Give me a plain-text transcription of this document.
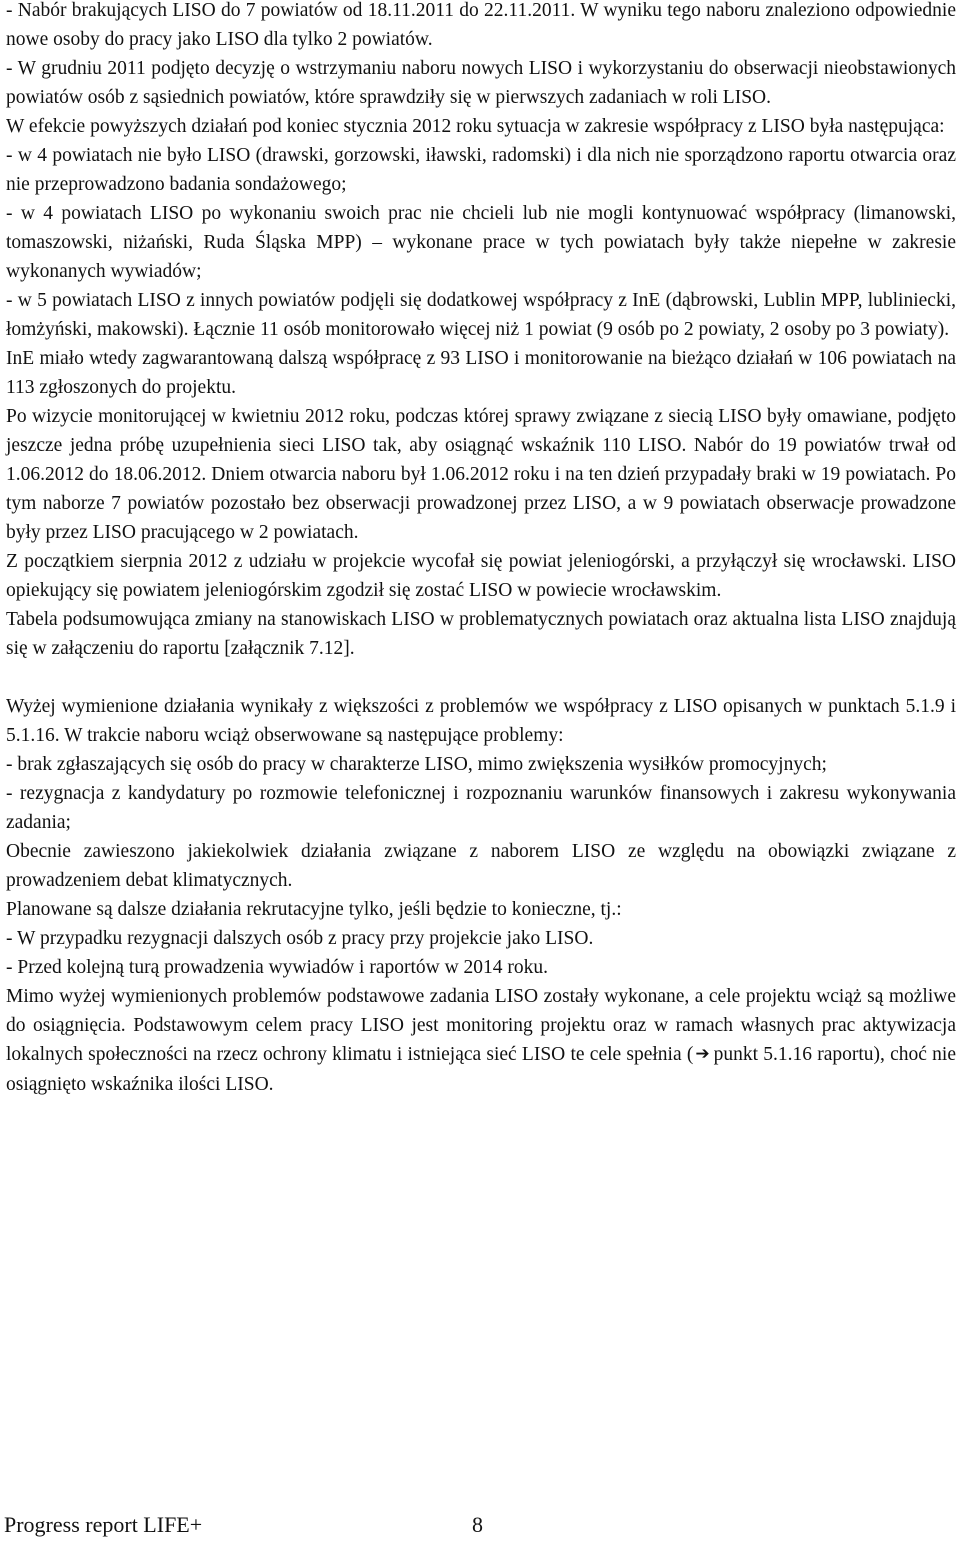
- Nabór brakujących LISO do 7 powiatów od 18.11.2011 do 22.11.2011. W wyniku tego naboru znaleziono odpowiednie nowe osoby do pracy jako LISO dla tylko 2 powiatów.

- W grudniu 2011 podjęto decyzję o wstrzymaniu naboru nowych LISO i wykorzystaniu do obserwacji nieobstawionych powiatów osób z sąsiednich powiatów, które sprawdziły się w pierwszych zadaniach w roli LISO.

W efekcie powyższych działań pod koniec stycznia 2012 roku sytuacja w zakresie współpracy z LISO była następująca:

- w 4 powiatach nie było LISO (drawski, gorzowski, iławski, radomski) i dla nich nie sporządzono raportu otwarcia oraz nie przeprowadzono badania sondażowego;

- w 4 powiatach LISO po wykonaniu swoich prac nie chcieli lub nie mogli kontynuować współpracy (limanowski, tomaszowski, niżański, Ruda Śląska MPP) – wykonane prace w tych powiatach były także niepełne w zakresie wykonanych wywiadów;

- w 5 powiatach LISO z innych powiatów podjęli się dodatkowej współpracy z InE (dąbrowski, Lublin MPP, lubliniecki, łomżyński, makowski). Łącznie 11 osób monitorowało więcej niż 1 powiat (9 osób po 2 powiaty, 2 osoby po 3 powiaty).

InE miało wtedy zagwarantowaną dalszą współpracę z 93 LISO i monitorowanie na bieżąco działań w 106 powiatach na 113 zgłoszonych do projektu.

Po wizycie monitorującej w kwietniu 2012 roku, podczas której sprawy związane z siecią LISO były omawiane, podjęto jeszcze jedna próbę uzupełnienia sieci LISO tak, aby osiągnąć wskaźnik 110 LISO. Nabór do 19 powiatów trwał od 1.06.2012 do 18.06.2012. Dniem otwarcia naboru był 1.06.2012 roku i na ten dzień przypadały braki w 19 powiatach. Po tym naborze 7 powiatów pozostało bez obserwacji prowadzonej przez LISO, a w 9 powiatach obserwacje prowadzone były przez LISO pracującego w 2 powiatach.

Z początkiem sierpnia 2012 z udziału w projekcie wycofał się powiat jeleniogórski, a przyłączył się wrocławski. LISO opiekujący się powiatem jeleniogórskim zgodził się zostać LISO w powiecie wrocławskim.

Tabela podsumowująca zmiany na stanowiskach LISO w problematycznych powiatach oraz aktualna lista LISO znajdują się w załączeniu do raportu [załącznik 7.12].

Wyżej wymienione działania wynikały z większości z problemów we współpracy z LISO opisanych w punktach 5.1.9 i 5.1.16. W trakcie naboru wciąż obserwowane są następujące problemy:

- brak zgłaszających się osób do pracy w charakterze LISO, mimo zwiększenia wysiłków promocyjnych;

- rezygnacja z kandydatury po rozmowie telefonicznej i rozpoznaniu warunków finansowych i zakresu wykonywania zadania;

Obecnie zawieszono jakiekolwiek działania związane z naborem LISO ze względu na obowiązki związane z prowadzeniem debat klimatycznych.

Planowane są dalsze działania rekrutacyjne tylko, jeśli będzie to konieczne, tj.:

- W przypadku rezygnacji dalszych osób z pracy przy projekcie jako LISO.

- Przed kolejną turą prowadzenia wywiadów i raportów w 2014 roku.

Mimo wyżej wymienionych problemów podstawowe zadania LISO zostały wykonane, a cele projektu wciąż są możliwe do osiągnięcia. Podstawowym celem pracy LISO jest monitoring projektu oraz w ramach własnych prac aktywizacja lokalnych społeczności na rzecz ochrony klimatu i istniejąca sieć LISO te cele spełnia ( ➔ punkt 5.1.16 raportu), choć nie osiągnięto wskaźnika ilości LISO.

Progress report LIFE+	8
